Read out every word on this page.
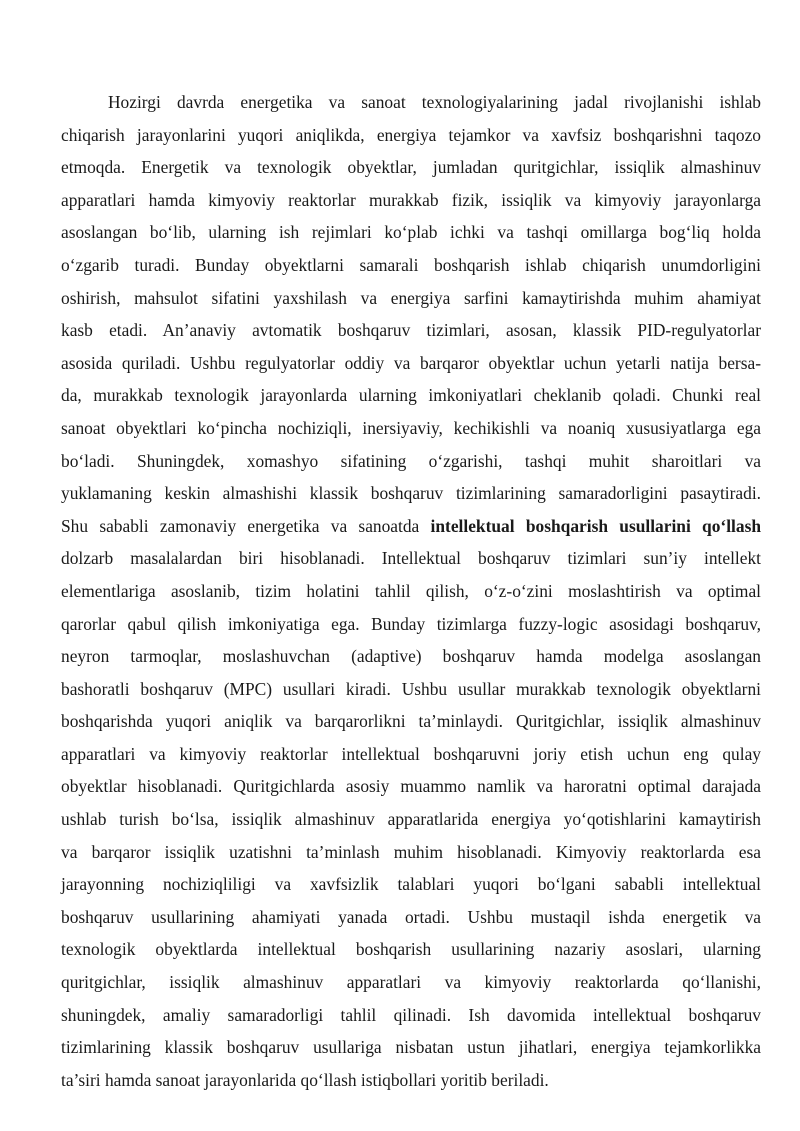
Hozirgi davrda energetika va sanoat texnologiyalarining jadal rivojlanishi ishlab
chiqarish jarayonlarini yuqori aniqlikda, energiya tejamkor va xavfsiz boshqarishni taqozo
etmoqda. Energetik va texnologik obyektlar, jumladan quritgichlar, issiqlik almashinuv
apparatlari hamda kimyoviy reaktorlar murakkab fizik, issiqlik va kimyoviy jarayonlarga
asoslangan bo‘lib, ularning ish rejimlari ko‘plab ichki va tashqi omillarga bog‘liq holda
o‘zgarib turadi. Bunday obyektlarni samarali boshqarish ishlab chiqarish unumdorligini
oshirish, mahsulot sifatini yaxshilash va energiya sarfini kamaytirishda muhim ahamiyat
kasb etadi. An’anaviy avtomatik boshqaruv tizimlari, asosan, klassik PID-regulyatorlar
asosida quriladi. Ushbu regulyatorlar oddiy va barqaror obyektlar uchun yetarli natija bersa-
da, murakkab texnologik jarayonlarda ularning imkoniyatlari cheklanib qoladi. Chunki real
sanoat obyektlari ko‘pincha nochiziqli, inersiyaviy, kechikishli va noaniq xususiyatlarga ega
bo‘ladi. Shuningdek, xomashyo sifatining o‘zgarishi, tashqi muhit sharoitlari va
yuklamaning keskin almashishi klassik boshqaruv tizimlarining samaradorligini pasaytiradi.
Shu sababli zamonaviy energetika va sanoatda intellektual boshqarish usullarini qo‘llash
dolzarb masalalardan biri hisoblanadi. Intellektual boshqaruv tizimlari sun’iy intellekt
elementlariga asoslanib, tizim holatini tahlil qilish, o‘z-o‘zini moslashtirish va optimal
qarorlar qabul qilish imkoniyatiga ega. Bunday tizimlarga fuzzy-logic asosidagi boshqaruv,
neyron tarmoqlar, moslashuvchan (adaptive) boshqaruv hamda modelga asoslangan
bashoratli boshqaruv (MPC) usullari kiradi. Ushbu usullar murakkab texnologik obyektlarni
boshqarishda yuqori aniqlik va barqarorlikni ta’minlaydi. Quritgichlar, issiqlik almashinuv
apparatlari va kimyoviy reaktorlar intellektual boshqaruvni joriy etish uchun eng qulay
obyektlar hisoblanadi. Quritgichlarda asosiy muammo namlik va haroratni optimal darajada
ushlab turish bo‘lsa, issiqlik almashinuv apparatlarida energiya yo‘qotishlarini kamaytirish
va barqaror issiqlik uzatishni ta’minlash muhim hisoblanadi. Kimyoviy reaktorlarda esa
jarayonning nochiziqliligi va xavfsizlik talablari yuqori bo‘lgani sababli intellektual
boshqaruv usullarining ahamiyati yanada ortadi. Ushbu mustaqil ishda energetik va
texnologik obyektlarda intellektual boshqarish usullarining nazariy asoslari, ularning
quritgichlar, issiqlik almashinuv apparatlari va kimyoviy reaktorlarda qo‘llanishi,
shuningdek, amaliy samaradorligi tahlil qilinadi. Ish davomida intellektual boshqaruv
tizimlarining klassik boshqaruv usullariga nisbatan ustun jihatlari, energiya tejamkorlikka
ta’siri hamda sanoat jarayonlarida qo‘llash istiqbollari yoritib beriladi.
